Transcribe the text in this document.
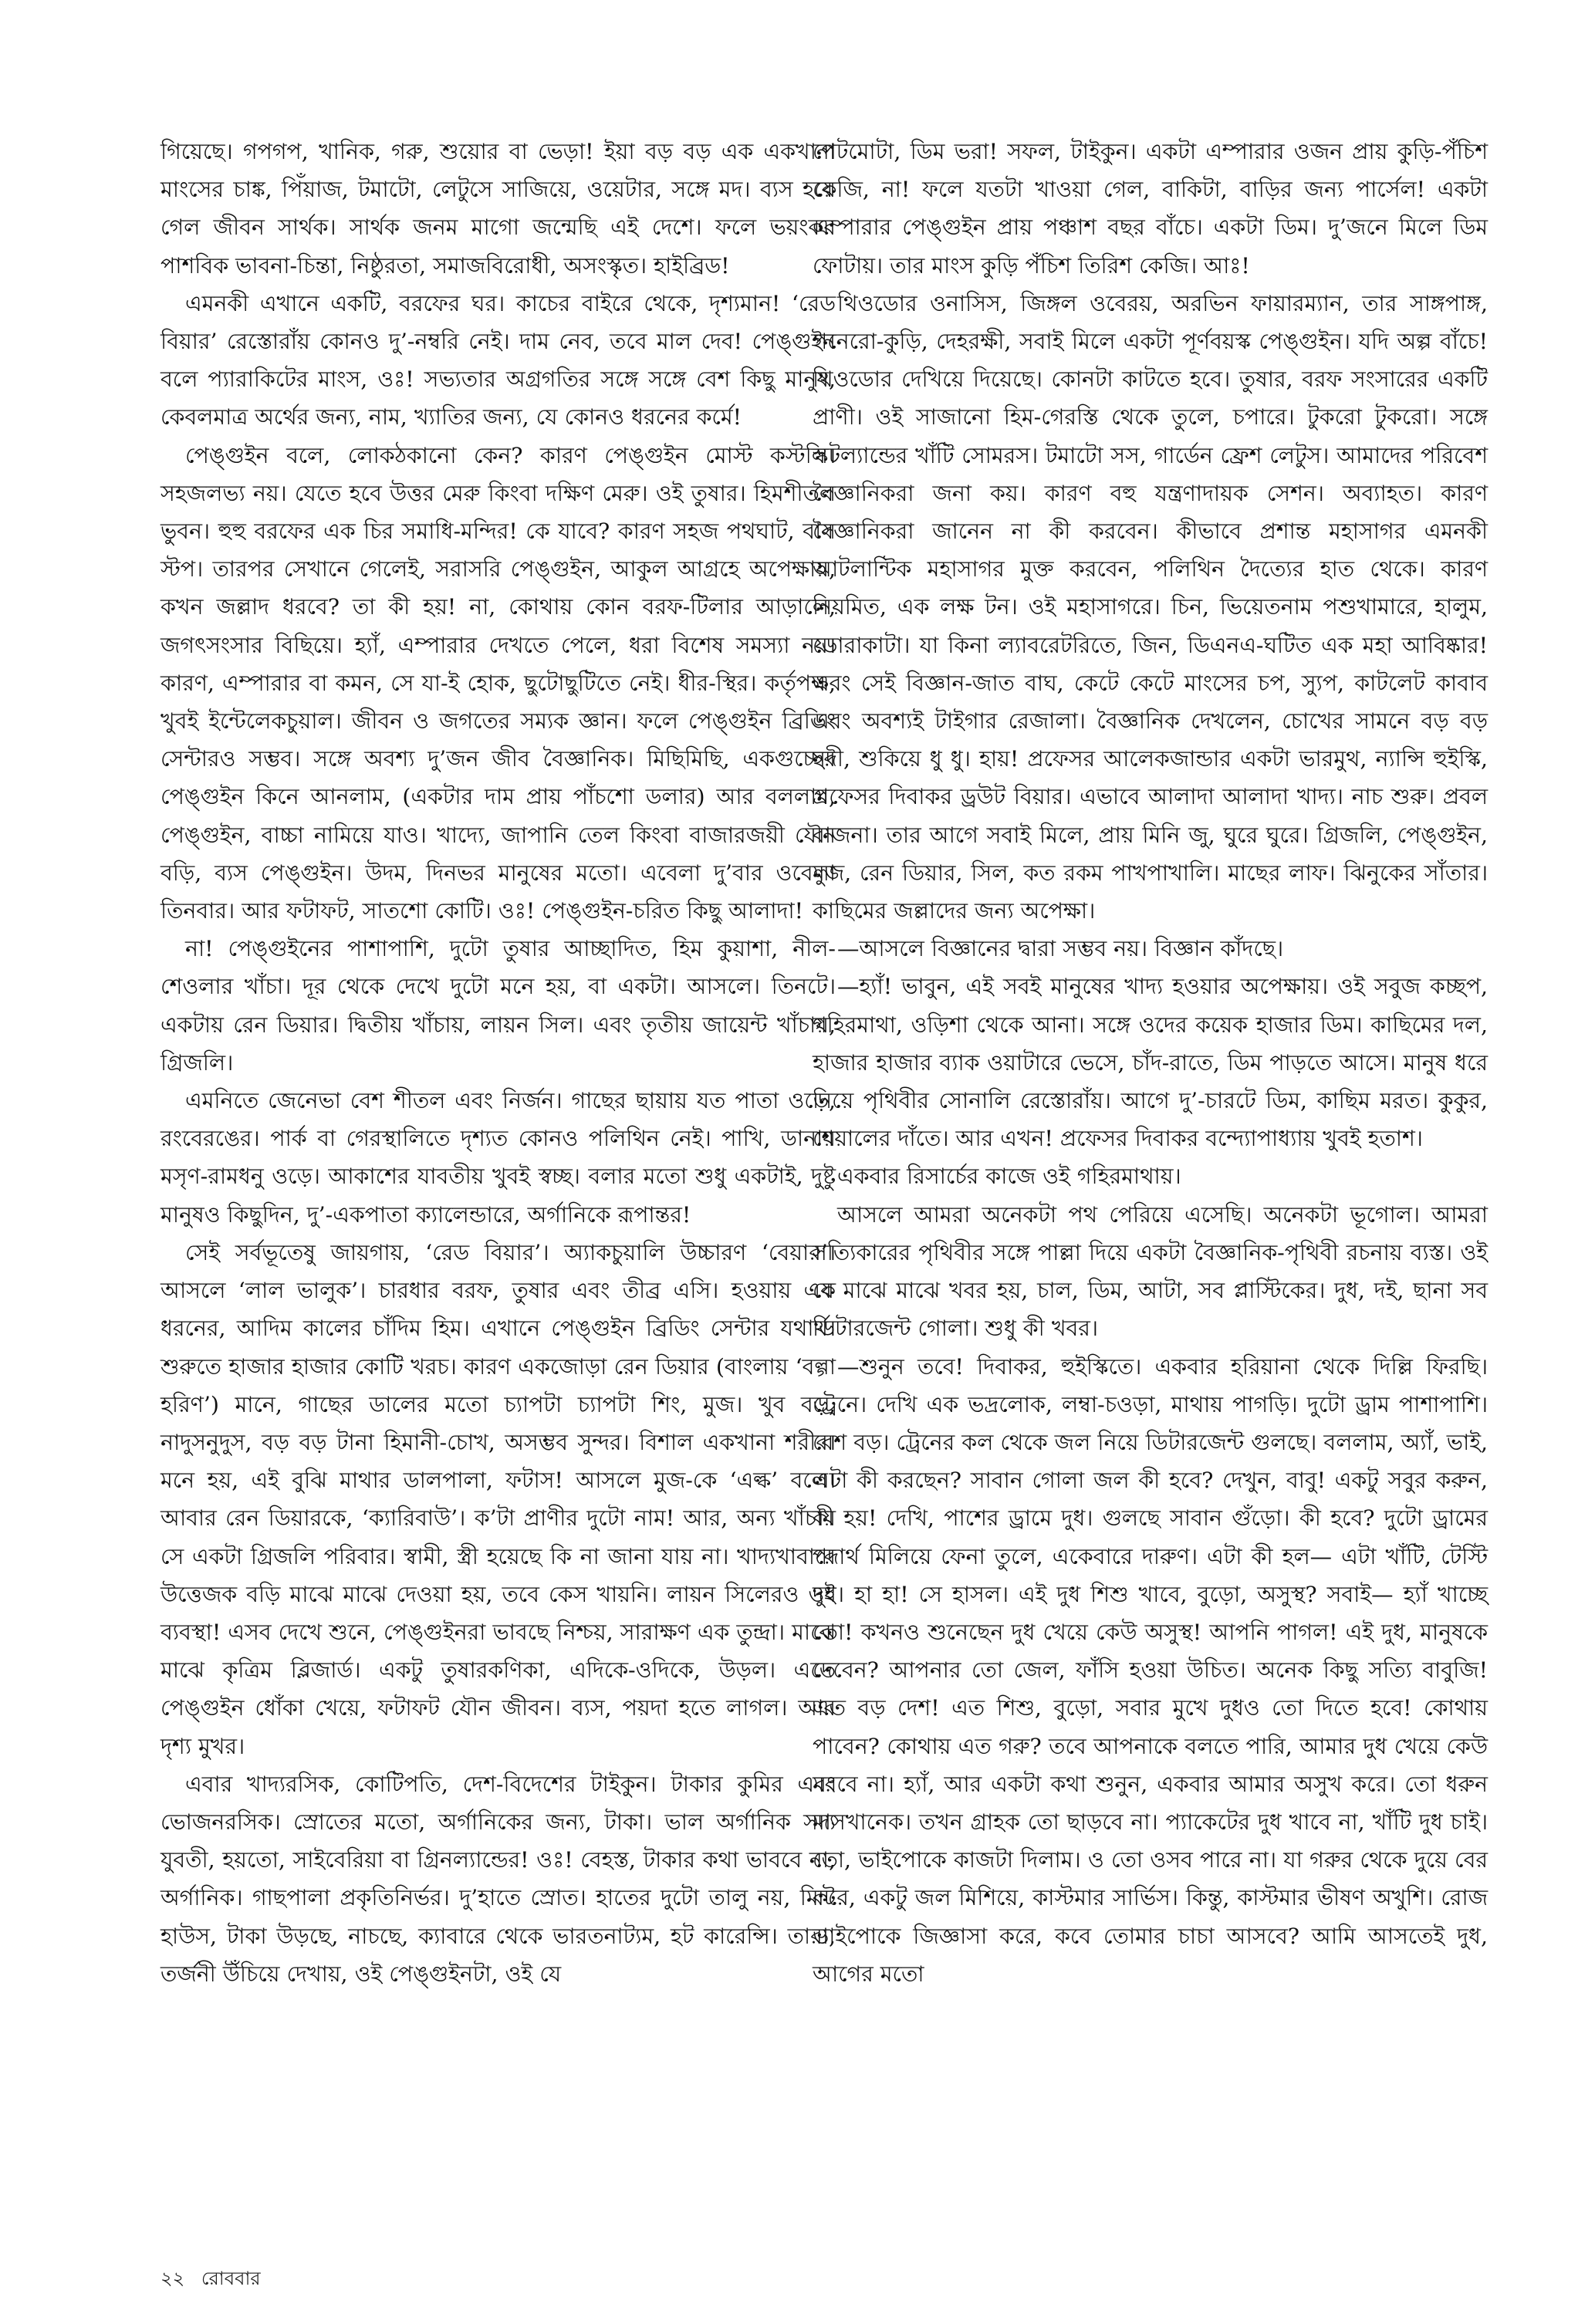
গিয়েছে। গপগপ, খানিক, গরু, শুয়োর বা ভেড়া! ইয়া বড় বড় এক একখানা মাংসের চাঙ্ক, পিঁয়াজ, টমাটো, লেটুসে সাজিয়ে, ওয়েটার, সঙ্গে মদ। ব্যস হয়ে গেল জীবন সার্থক। সার্থক জনম মাগো জন্মেছি এই দেশে। ফলে ভয়ংকর পাশবিক ভাবনা-চিন্তা, নিষ্ঠুরতা, সমাজবিরোধী, অসংস্কৃত। হাইব্রিড!

এমনকী এখানে একটি, বরফের ঘর। কাচের বাইরে থেকে, দৃশ্যমান! ‘রেড বিয়ার’ রেস্তোরাঁয় কোনও দু’-নম্বরি নেই। দাম নেব, তবে মাল দেব! পেঙ্গুইন বলে প্যারাকিটের মাংস, ওঃ! সভ্যতার অগ্রগতির সঙ্গে সঙ্গে বেশ কিছু মানুষ, কেবলমাত্র অর্থের জন্য, নাম, খ্যাতির জন্য, যে কোনও ধরনের কর্মে!

পেঙ্গুইন বলে, লোকঠকানো কেন? কারণ পেঙ্গুইন মোস্ট কস্টলি। সহজলভ্য নয়। যেতে হবে উত্তর মেরু কিংবা দক্ষিণ মেরু। ওই তুষার। হিমশীতল ভুবন। হুহু বরফের এক চির সমাধি-মন্দির! কে যাবে? কারণ সহজ পথঘাট, বাস স্টপ। তারপর সেখানে গেলেই, সরাসরি পেঙ্গুইন, আকুল আগ্রহে অপেক্ষায়, কখন জল্লাদ ধরবে? তা কী হয়! না, কোথায় কোন বরফ-টিলার আড়ালে, জগৎসংসার বিছিয়ে। হ্যাঁ, এম্পারার দেখতে পেলে, ধরা বিশেষ সমস্যা নয়। কারণ, এম্পারার বা কমন, সে যা-ই হোক, ছুটোছুটিতে নেই। ধীর-স্থির। কর্তৃপক্ষ, খুবই ইন্টেলেকচুয়াল। জীবন ও জগতের সম্যক জ্ঞান। ফলে পেঙ্গুইন ব্রিডিং সেন্টারও সম্ভব। সঙ্গে অবশ্য দু’জন জীব বৈজ্ঞানিক। মিছিমিছি, একগুচ্ছের পেঙ্গুইন কিনে আনলাম, (একটার দাম প্রায় পাঁচশো ডলার) আর বললাম, পেঙ্গুইন, বাচ্চা নামিয়ে যাও। খাদ্যে, জাপানি তেল কিংবা বাজারজয়ী যৌন বড়ি, ব্যস পেঙ্গুইন। উদম, দিনভর মানুষের মতো। এবেলা দু’বার ওবেলা তিনবার। আর ফটাফট, সাতশো কোটি। ওঃ! পেঙ্গুইন-চরিত কিছু আলাদা!

না! পেঙ্গুইনের পাশাপাশি, দুটো তুষার আচ্ছাদিত, হিম কুয়াশা, নীল-শেওলার খাঁচা। দূর থেকে দেখে দুটো মনে হয়, বা একটা। আসলে। তিনটে। একটায় রেন ডিয়ার। দ্বিতীয় খাঁচায়, লায়ন সিল। এবং তৃতীয় জায়েন্ট খাঁচায়, গ্রিজলি।

এমনিতে জেনেভা বেশ শীতল এবং নির্জন। গাছের ছায়ায় যত পাতা ওড়ে, রংবেরঙের। পার্ক বা গেরস্থালিতে দৃশ্যত কোনও পলিথিন নেই। পাখি, ডানায় মসৃণ-রামধনু ওড়ে। আকাশের যাবতীয় খুবই স্বচ্ছ। বলার মতো শুধু একটাই, দুষ্টু মানুষও কিছুদিন, দু’-একপাতা ক্যালেন্ডারে, অর্গানিকে রূপান্তর!

সেই সর্বভূতেষু জায়গায়, ‘রেড বিয়ার’। অ্যাকচুয়ালি উচ্চারণ ‘বেয়ার’। আসলে ‘লাল ভালুক’। চারধার বরফ, তুষার এবং তীব্র এসি। হওয়ায় এক ধরনের, আদিম কালের চাঁদিম হিম। এখানে পেঙ্গুইন ব্রিডিং সেন্টার যথার্থ। শুরুতে হাজার হাজার কোটি খরচ। কারণ একজোড়া রেন ডিয়ার (বাংলায় ‘বল্গা হরিণ’) মানে, গাছের ডালের মতো চ্যাপটা চ্যাপটা শিং, মুজ। খুব বড়, নাদুসনুদুস, বড় বড় টানা হিমানী-চোখ, অসম্ভব সুন্দর। বিশাল একখানা শরীর। মনে হয়, এই বুঝি মাথার ডালপালা, ফটাস! আসলে মুজ-কে ‘এল্ক’ বলে। আবার রেন ডিয়ারকে, ‘ক্যারিবাউ’। ক’টা প্রাণীর দুটো নাম! আর, অন্য খাঁচায় সে একটা গ্রিজলি পরিবার। স্বামী, স্ত্রী হয়েছে কি না জানা যায় না। খাদ্যখাবারে উত্তেজক বড়ি মাঝে মাঝে দেওয়া হয়, তবে কেস খায়নি। লায়ন সিলেরও ওই ব্যবস্থা! এসব দেখে শুনে, পেঙ্গুইনরা ভাবছে নিশ্চয়, সারাক্ষণ এক তুন্দ্রা। মাঝে মাঝে কৃত্রিম ব্লিজার্ড। একটু তুষারকণিকা, এদিকে-ওদিকে, উড়ল। এতে পেঙ্গুইন ধোঁকা খেয়ে, ফটাফট যৌন জীবন। ব্যস, পয়দা হতে লাগল। আর দৃশ্য মুখর।

এবার খাদ্যরসিক, কোটিপতি, দেশ-বিদেশের টাইকুন। টাকার কুমির এবং ভোজনরসিক। স্রোতের মতো, অর্গানিকের জন্য, টাকা। ভাল অর্গানিক সদ্য যুবতী, হয়তো, সাইবেরিয়া বা গ্রিনল্যান্ডের! ওঃ! বেহস্ত, টাকার কথা ভাববে না, অর্গানিক। গাছপালা প্রকৃতিনির্ভর। দু’হাতে স্রোত। হাতের দুটো তালু নয়, মিন্ট হাউস, টাকা উড়ছে, নাচছে, ক্যাবারে থেকে ভারতনাট্যম, হট কারেন্সি। তারা, তর্জনী উঁচিয়ে দেখায়, ওই পেঙ্গুইনটা, ওই যে

পেটমোটা, ডিম ভরা! সফল, টাইকুন। একটা এম্পারার ওজন প্রায় কুড়ি-পঁচিশ কেজি, না! ফলে যতটা খাওয়া গেল, বাকিটা, বাড়ির জন্য পার্সেল! একটা এম্পারার পেঙ্গুইন প্রায় পঞ্চাশ বছর বাঁচে। একটা ডিম। দু’জনে মিলে ডিম ফোটায়। তার মাংস কুড়ি পঁচিশ তিরিশ কেজি। আঃ!

থিওডোর ওনাসিস, জিঙ্গল ওবেরয়, অরভিন ফায়ারম্যান, তার সাঙ্গপাঙ্গ, পনেরো-কুড়ি, দেহরক্ষী, সবাই মিলে একটা পূর্ণবয়স্ক পেঙ্গুইন। যদি অল্প বাঁচে! থিওডোর দেখিয়ে দিয়েছে। কোনটা কাটতে হবে। তুষার, বরফ সংসারের একটি প্রাণী। ওই সাজানো হিম-গেরস্তি থেকে তুলে, চপারে। টুকরো টুকরো। সঙ্গে স্কটল্যান্ডের খাঁটি সোমরস। টমাটো সস, গার্ডেন ফ্রেশ লেটুস। আমাদের পরিবেশ বৈজ্ঞানিকরা জনা কয়। কারণ বহু যন্ত্রণাদায়ক সেশন। অব্যাহত। কারণ বৈজ্ঞানিকরা জানেন না কী করবেন। কীভাবে প্রশান্ত মহাসাগর এমনকী আটলান্টিক মহাসাগর মুক্ত করবেন, পলিথিন দৈত্যের হাত থেকে। কারণ নিয়মিত, এক লক্ষ টন। ওই মহাসাগরে। চিন, ভিয়েতনাম পশুখামারে, হালুম, ডোরাকাটা। যা কিনা ল্যাবরেটরিতে, জিন, ডিএনএ-ঘটিত এক মহা আবিষ্কার! এবং সেই বিজ্ঞান-জাত বাঘ, কেটে কেটে মাংসের চপ, স্যুপ, কাটলেট কাবাব এবং অবশ্যই টাইগার রেজালা। বৈজ্ঞানিক দেখলেন, চোখের সামনে বড় বড় নদী, শুকিয়ে ধু ধু। হায়! প্রফেসর আলেকজান্ডার একটা ভারমুথ, ন্যান্সি হুইস্কি, প্রফেসর দিবাকর ড্রউট বিয়ার। এভাবে আলাদা আলাদা খাদ্য। নাচ শুরু। প্রবল বাজনা। তার আগে সবাই মিলে, প্রায় মিনি জু, ঘুরে ঘুরে। গ্রিজলি, পেঙ্গুইন, মুজ, রেন ডিয়ার, সিল, কত রকম পাখপাখালি। মাছের লাফ। ঝিনুকের সাঁতার। কাছিমের জল্লাদের জন্য অপেক্ষা।

—আসলে বিজ্ঞানের দ্বারা সম্ভব নয়। বিজ্ঞান কাঁদছে।

—হ্যাঁ! ভাবুন, এই সবই মানুষের খাদ্য হওয়ার অপেক্ষায়। ওই সবুজ কচ্ছপ, গহিরমাথা, ওড়িশা থেকে আনা। সঙ্গে ওদের কয়েক হাজার ডিম। কাছিমের দল, হাজার হাজার ব্যাক ওয়াটারে ভেসে, চাঁদ-রাতে, ডিম পাড়তে আসে। মানুষ ধরে নিয়ে পৃথিবীর সোনালি রেস্তোরাঁয়। আগে দু’-চারটে ডিম, কাছিম মরত। কুকুর, শেয়ালের দাঁতে। আর এখন! প্রফেসর দিবাকর বন্দ্যোপাধ্যায় খুবই হতাশ।

একবার রিসার্চের কাজে ওই গহিরমাথায়।

আসলে আমরা অনেকটা পথ পেরিয়ে এসেছি। অনেকটা ভূগোল। আমরা সত্যিকারের পৃথিবীর সঙ্গে পাল্লা দিয়ে একটা বৈজ্ঞানিক-পৃথিবী রচনায় ব্যস্ত। ওই যে মাঝে মাঝে খবর হয়, চাল, ডিম, আটা, সব প্লাস্টিকের। দুধ, দই, ছানা সব ডিটারজেন্ট গোলা। শুধু কী খবর।

—শুনুন তবে! দিবাকর, হুইস্কিতে। একবার হরিয়ানা থেকে দিল্লি ফিরছি। ট্রেনে। দেখি এক ভদ্রলোক, লম্বা-চওড়া, মাথায় পাগড়ি। দুটো ড্রাম পাশাপাশি। বেশ বড়। ট্রেনের কল থেকে জল নিয়ে ডিটারজেন্ট গুলছে। বললাম, অ্যাঁ, ভাই, এটা কী করছেন? সাবান গোলা জল কী হবে? দেখুন, বাবু! একটু সবুর করুন, কী হয়! দেখি, পাশের ড্রামে দুধ। গুলছে সাবান গুঁড়ো। কী হবে? দুটো ড্রামের পদার্থ মিলিয়ে ফেনা তুলে, একেবারে দারুণ। এটা কী হল— এটা খাঁটি, টেস্টি দুধ। হা হা! সে হাসল। এই দুধ শিশু খাবে, বুড়ো, অসুস্থ? সবাই— হ্যাঁ খাচ্ছে তো! কখনও শুনেছেন দুধ খেয়ে কেউ অসুস্থ! আপনি পাগল! এই দুধ, মানুষকে দেবেন? আপনার তো জেল, ফাঁসি হওয়া উচিত। অনেক কিছু সত্যি বাবুজি! এত বড় দেশ! এত শিশু, বুড়ো, সবার মুখে দুধও তো দিতে হবে! কোথায় পাবেন? কোথায় এত গরু? তবে আপনাকে বলতে পারি, আমার দুধ খেয়ে কেউ মরবে না। হ্যাঁ, আর একটা কথা শুনুন, একবার আমার অসুখ করে। তো ধরুন মাসখানেক। তখন গ্রাহক তো ছাড়বে না। প্যাকেটের দুধ খাবে না, খাঁটি দুধ চাই। তো, ভাইপোকে কাজটা দিলাম। ও তো ওসব পারে না। যা গরুর থেকে দুয়ে বের করে, একটু জল মিশিয়ে, কাস্টমার সার্ভিস। কিন্তু, কাস্টমার ভীষণ অখুশি। রোজ ভাইপোকে জিজ্ঞাসা করে, কবে তোমার চাচা আসবে? আমি আসতেই দুধ, আগের মতো

২২ রোববার
